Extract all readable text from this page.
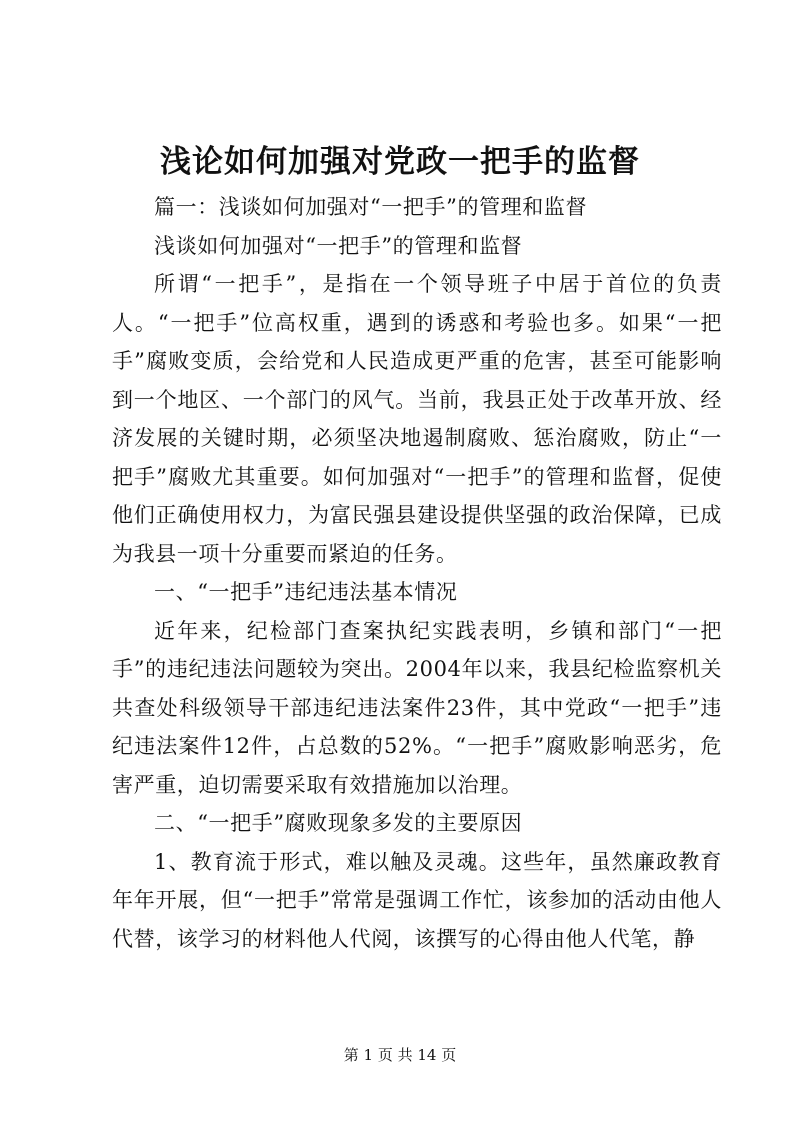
浅论如何加强对党政一把手的监督

篇一：浅谈如何加强对“一把手”的管理和监督

浅谈如何加强对“一把手”的管理和监督

所谓“一把手”，是指在一个领导班子中居于首位的负责人。“一把手”位高权重，遇到的诱惑和考验也多。如果“一把手”腐败变质，会给党和人民造成更严重的危害，甚至可能影响到一个地区、一个部门的风气。当前，我县正处于改革开放、经济发展的关键时期，必须坚决地遏制腐败、惩治腐败，防止“一把手”腐败尤其重要。如何加强对“一把手”的管理和监督，促使他们正确使用权力，为富民强县建设提供坚强的政治保障，已成为我县一项十分重要而紧迫的任务。

一、“一把手”违纪违法基本情况

近年来，纪检部门查案执纪实践表明，乡镇和部门“一把手”的违纪违法问题较为突出。2004年以来，我县纪检监察机关共查处科级领导干部违纪违法案件23件，其中党政“一把手”违纪违法案件12件，占总数的52%。“一把手”腐败影响恶劣，危害严重，迫切需要采取有效措施加以治理。

二、“一把手”腐败现象多发的主要原因

1、教育流于形式，难以触及灵魂。这些年，虽然廉政教育年年开展，但“一把手”常常是强调工作忙，该参加的活动由他人代替，该学习的材料他人代阅，该撰写的心得由他人代笔，静

第 1 页 共 14 页
